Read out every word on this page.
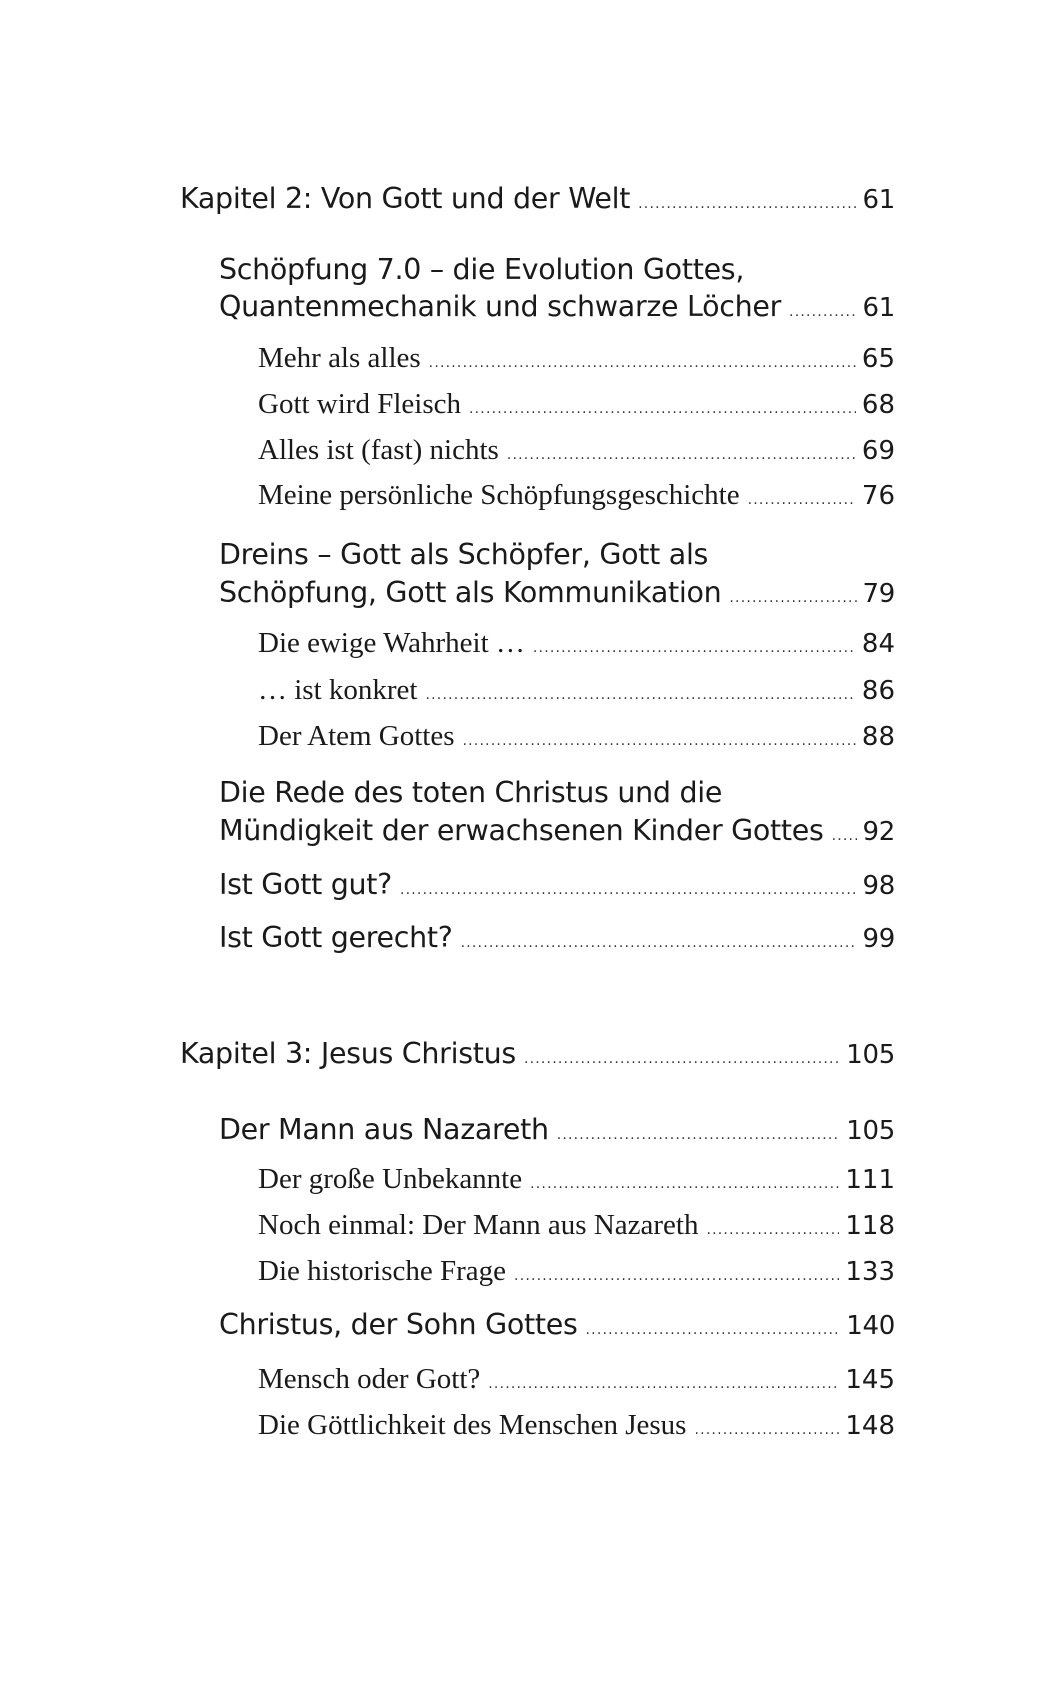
Kapitel 2: Von Gott und der Welt .....	61
Schöpfung 7.0 – die Evolution Gottes,
Quantenmechanik und schwarze Löcher .....	61
Mehr als alles .....	65
Gott wird Fleisch .....	68
Alles ist (fast) nichts .....	69
Meine persönliche Schöpfungsgeschichte .....	76
Dreins – Gott als Schöpfer, Gott als
Schöpfung, Gott als Kommunikation .....	79
Die ewige Wahrheit … .....	84
… ist konkret .....	86
Der Atem Gottes .....	88
Die Rede des toten Christus und die
Mündigkeit der erwachsenen Kinder Gottes ..... 92
Ist Gott gut? .....	98
Ist Gott gerecht? .....	99
Kapitel 3: Jesus Christus .....	105
Der Mann aus Nazareth .....	105
Der große Unbekannte .....	111
Noch einmal: Der Mann aus Nazareth .....	118
Die historische Frage .....	133
Christus, der Sohn Gottes .....	140
Mensch oder Gott? .....	145
Die Göttlichkeit des Menschen Jesus .....	148
